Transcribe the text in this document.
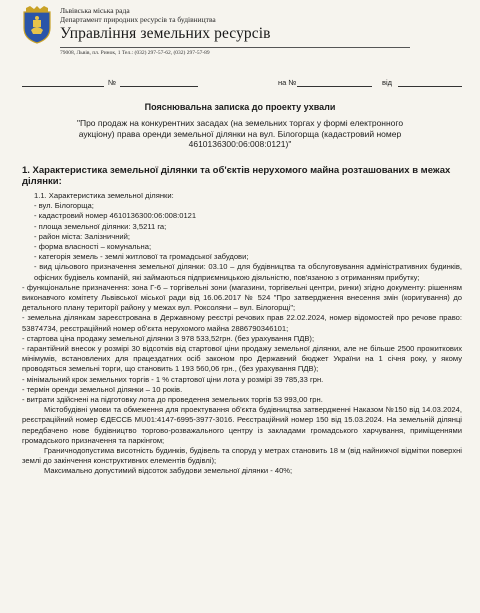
Львівська міська рада
Департамент природних ресурсів та будівництва
Управління земельних ресурсів
79008, Львів, пл. Ринок, 1 Тел.: (032) 297-57-62, (032) 297-57-89
№	на №	від
Пояснювальна записка до проекту ухвали
"Про продаж на конкурентних засадах (на земельних торгах у формі електронного аукціону) права оренди земельної ділянки на вул. Білогорща (кадастровий номер 4610136300:06:008:0121)"
1. Характеристика земельної ділянки та об'єктів нерухомого майна розташованих в межах ділянки:
1.1. Характеристика земельної ділянки:
- вул. Білогорща;
- кадастровий номер 4610136300:06:008:0121
- площа земельної ділянки: 3,5211 га;
- район міста: Залізничний;
- форма власності – комунальна;
- категорія земель - землі житлової та громадської забудови;
- вид цільового призначення земельної ділянки: 03.10 – для будівництва та обслуговування адміністративних будинків, офісних будівель компаній, які займаються підприємницькою діяльністю, пов'язаною з отриманням прибутку;
- функціональне призначення: зона Г-6 – торгівельні зони (магазини, торгівельні центри, ринки) згідно документу: рішенням виконавчого комітету Львівської міської ради від 16.06.2017 № 524 "Про затвердження внесення змін (коригування) до детального плану території району у межах вул. Роксоляни – вул. Білогорщі";
- земельна ділянкам зареєстрована в Державному реєстрі речових прав 22.02.2024, номер відомостей про речове право: 53874734, реєстраційний номер об'єкта нерухомого майна 2886790346101;
- стартова ціна продажу земельної ділянки 3 978 533,52грн. (без урахування ПДВ);
- гарантійний внесок у розмірі 30 відсотків від стартової ціни продажу земельної ділянки, але не більше 2500 прожиткових мінімумів, встановлених для працездатних осіб законом про Державний бюджет України на 1 січня року, у якому проводяться земельні торги, що становить 1 193 560,06 грн., (без урахування ПДВ);
- мінімальний крок земельних торгів - 1 % стартової ціни лота у розмірі 39 785,33 грн.
- термін оренди земельної ділянки – 10 років.
- витрати здійснені на підготовку лота до проведення земельних торгів 53 993,00 грн.
Містобудівні умови та обмеження для проектування об'єкта будівництва затвердженні Наказом №150 від 14.03.2024, реєстраційний номер ЄДЕССБ MU01:4147-6995-3977-3016. Реєстраційний номер 150 від 15.03.2024. На земельній ділянці передбачено нове будівництво торгово-розважального центру із закладами громадського харчування, приміщеннями громадського призначення та паркінгом;
Граничнодопустима висотність будинків, будівель та споруд у метрах становить 18 м (від найнижчої відмітки поверхні землі до закінчення конструктивних елементів будівлі);
Максимально допустимий відсоток забудови земельної ділянки - 40%;
